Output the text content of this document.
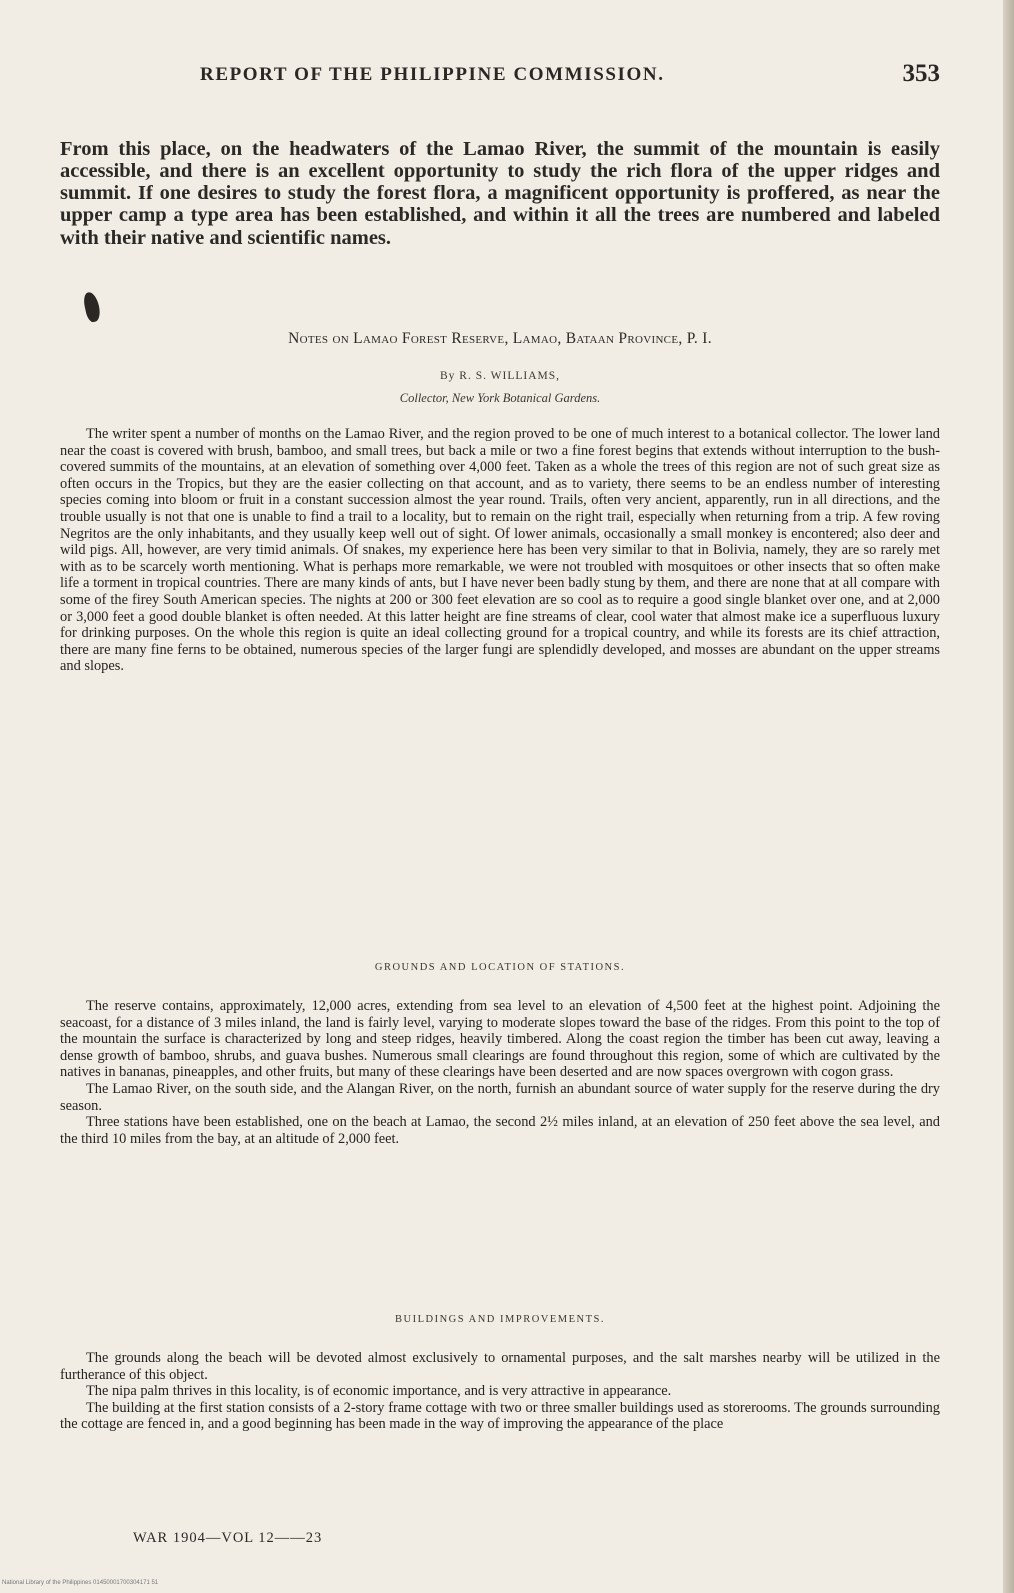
REPORT OF THE PHILIPPINE COMMISSION.	353

From this place, on the headwaters of the Lamao River, the summit of the mountain is easily accessible, and there is an excellent opportunity to study the rich flora of the upper ridges and summit. If one desires to study the forest flora, a magnificent opportunity is proffered, as near the upper camp a type area has been established, and within it all the trees are numbered and labeled with their native and scientific names.

Notes on Lamao Forest Reserve, Lamao, Bataan Province, P. I.
By R. S. WILLIAMS,
Collector, New York Botanical Gardens.

The writer spent a number of months on the Lamao River, and the region proved to be one of much interest to a botanical collector. The lower land near the coast is covered with brush, bamboo, and small trees, but back a mile or two a fine forest begins that extends without interruption to the bush-covered summits of the mountains, at an elevation of something over 4,000 feet. Taken as a whole the trees of this region are not of such great size as often occurs in the Tropics, but they are the easier collecting on that account, and as to variety, there seems to be an endless number of interesting species coming into bloom or fruit in a constant succession almost the year round. Trails, often very ancient, apparently, run in all directions, and the trouble usually is not that one is unable to find a trail to a locality, but to remain on the right trail, especially when returning from a trip. A few roving Negritos are the only inhabitants, and they usually keep well out of sight. Of lower animals, occasionally a small monkey is encontered; also deer and wild pigs. All, however, are very timid animals. Of snakes, my experience here has been very similar to that in Bolivia, namely, they are so rarely met with as to be scarcely worth mentioning. What is perhaps more remarkable, we were not troubled with mosquitoes or other insects that so often make life a torment in tropical countries. There are many kinds of ants, but I have never been badly stung by them, and there are none that at all compare with some of the firey South American species. The nights at 200 or 300 feet elevation are so cool as to require a good single blanket over one, and at 2,000 or 3,000 feet a good double blanket is often needed. At this latter height are fine streams of clear, cool water that almost make ice a superfluous luxury for drinking purposes. On the whole this region is quite an ideal collecting ground for a tropical country, and while its forests are its chief attraction, there are many fine ferns to be obtained, numerous species of the larger fungi are splendidly developed, and mosses are abundant on the upper streams and slopes.

GROUNDS AND LOCATION OF STATIONS.

The reserve contains, approximately, 12,000 acres, extending from sea level to an elevation of 4,500 feet at the highest point. Adjoining the seacoast, for a distance of 3 miles inland, the land is fairly level, varying to moderate slopes toward the base of the ridges. From this point to the top of the mountain the surface is characterized by long and steep ridges, heavily timbered. Along the coast region the timber has been cut away, leaving a dense growth of bamboo, shrubs, and guava bushes. Numerous small clearings are found throughout this region, some of which are cultivated by the natives in bananas, pineapples, and other fruits, but many of these clearings have been deserted and are now spaces overgrown with cogon grass.

The Lamao River, on the south side, and the Alangan River, on the north, furnish an abundant source of water supply for the reserve during the dry season.

Three stations have been established, one on the beach at Lamao, the second 2½ miles inland, at an elevation of 250 feet above the sea level, and the third 10 miles from the bay, at an altitude of 2,000 feet.

BUILDINGS AND IMPROVEMENTS.

The grounds along the beach will be devoted almost exclusively to ornamental purposes, and the salt marshes nearby will be utilized in the furtherance of this object.

The nipa palm thrives in this locality, is of economic importance, and is very attractive in appearance.

The building at the first station consists of a 2-story frame cottage with two or three smaller buildings used as storerooms. The grounds surrounding the cottage are fenced in, and a good beginning has been made in the way of improving the appearance of the place

WAR 1904—VOL 12——23
National Library of the Philippines 01450001700304171 51
